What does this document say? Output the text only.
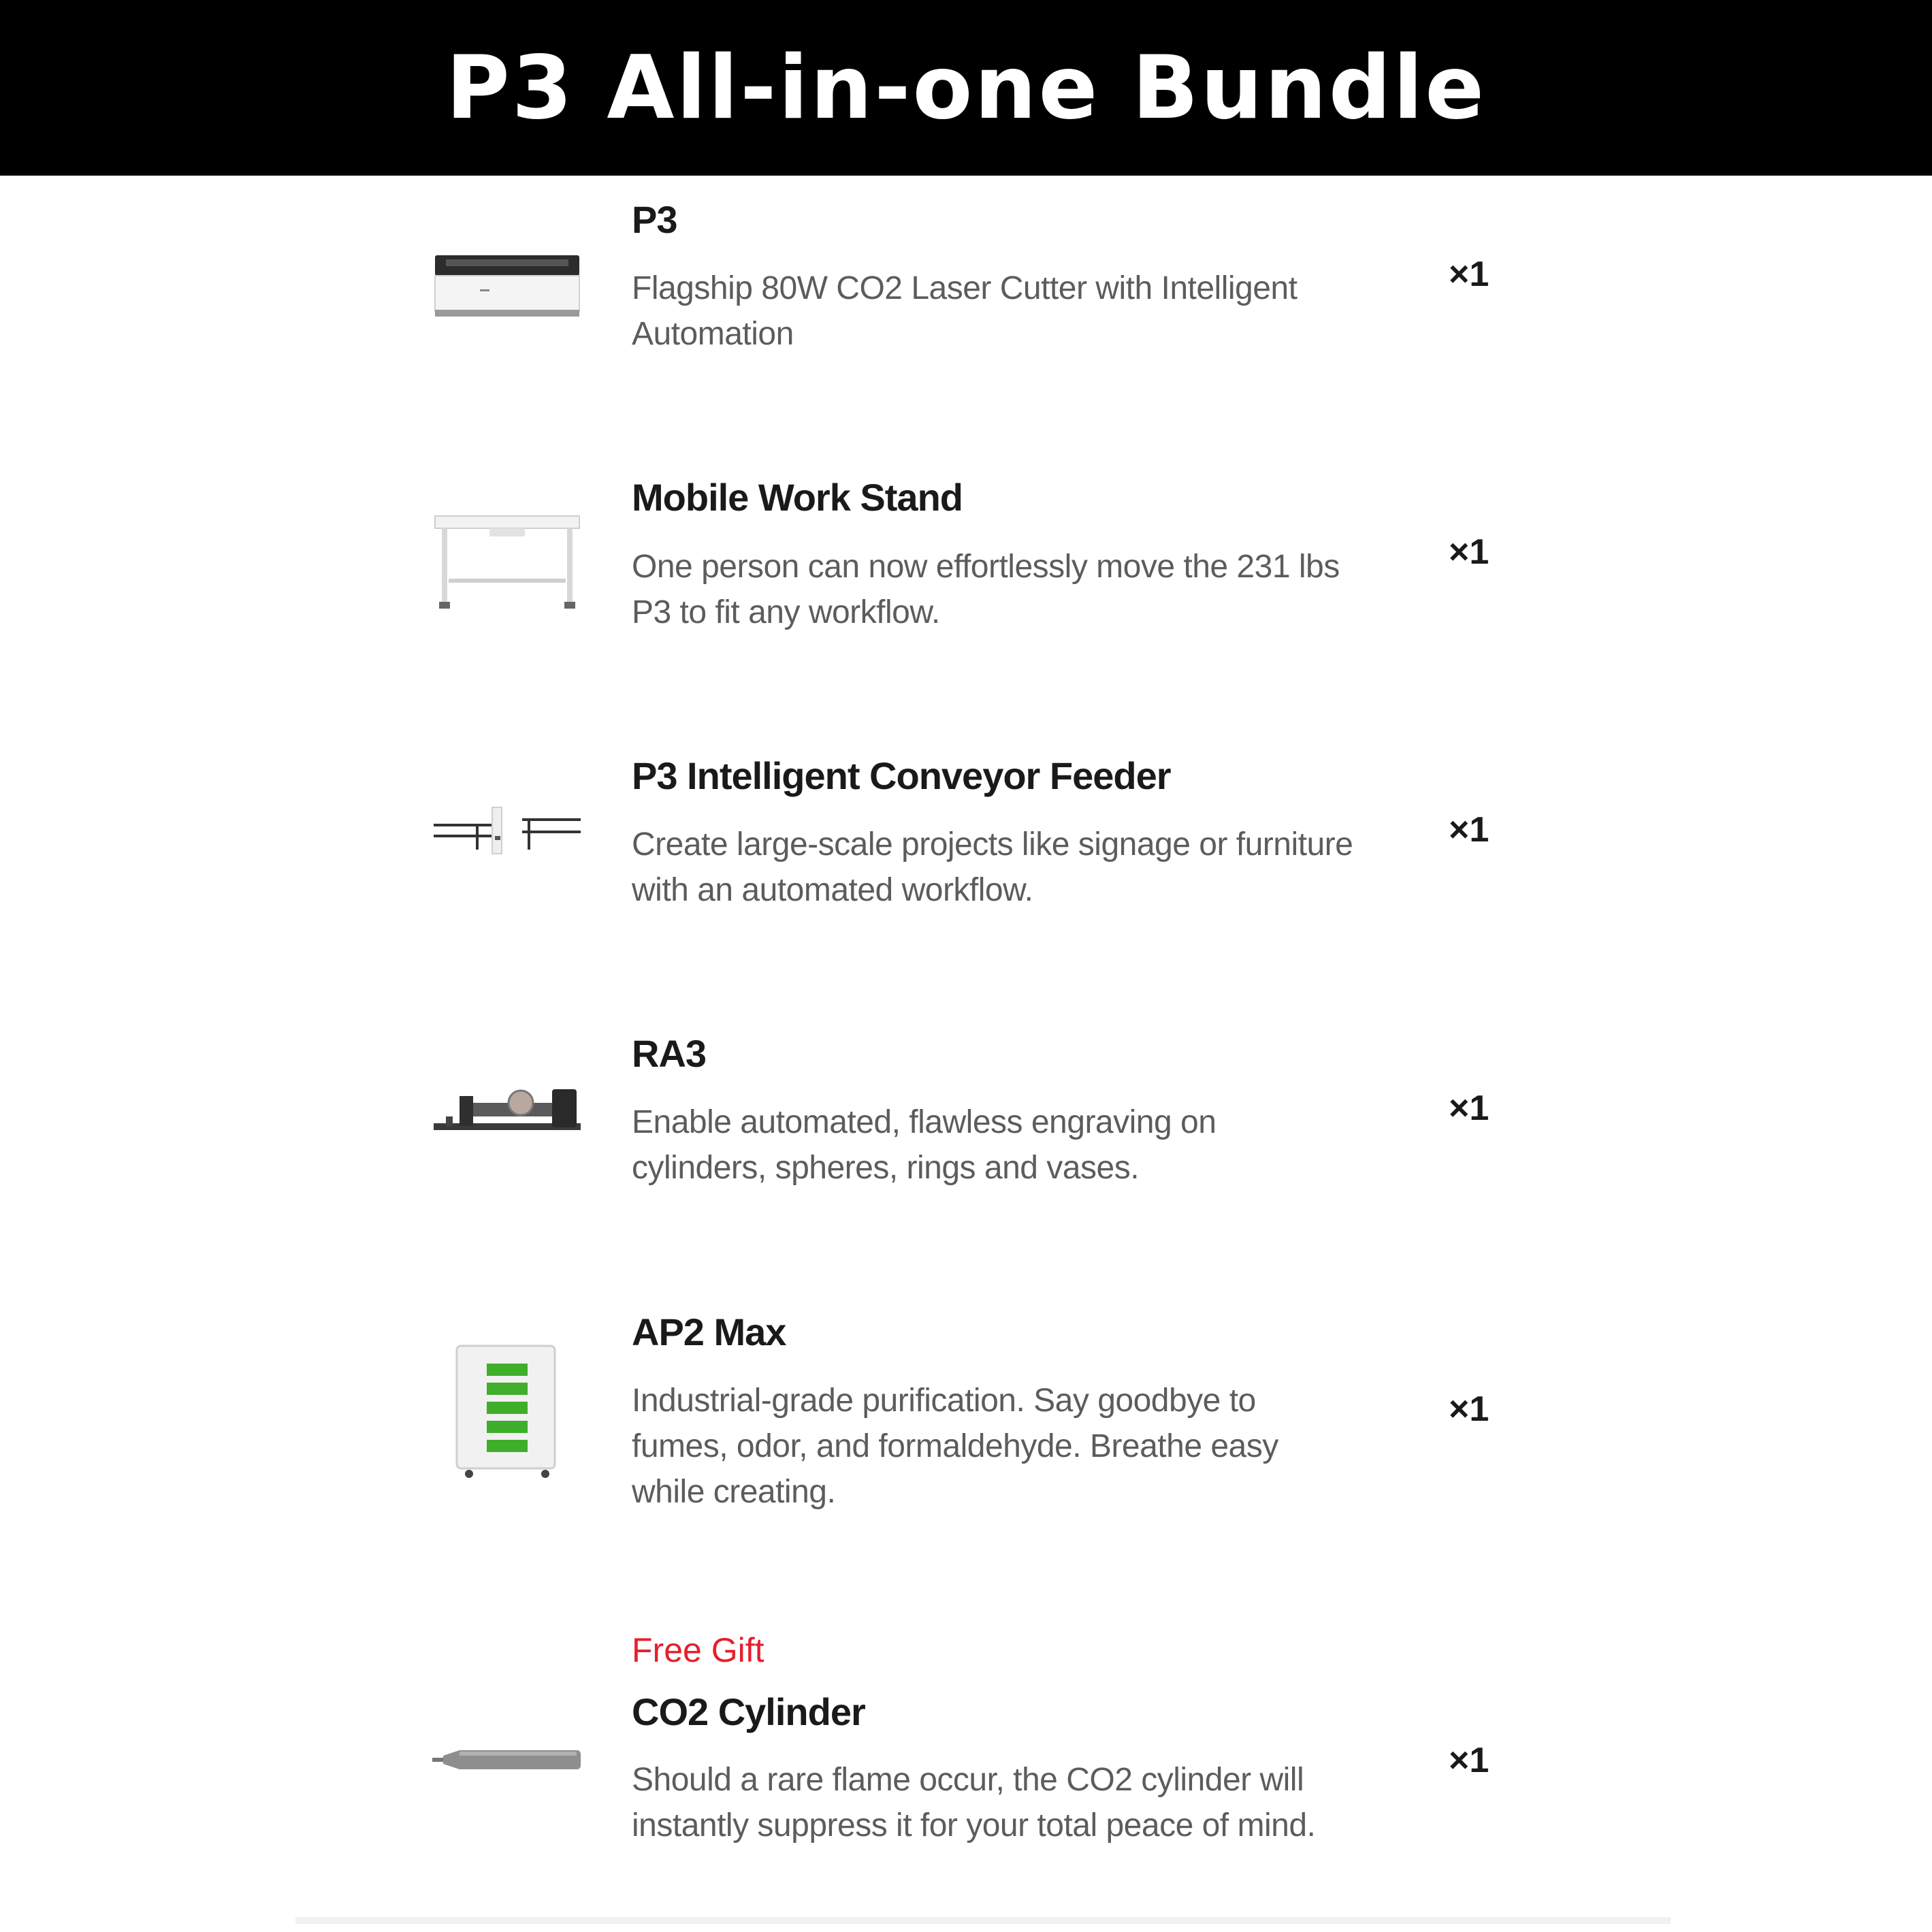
P3 All-in-one Bundle
P3
Flagship 80W CO2 Laser Cutter with Intelligent Automation
×1
Mobile Work Stand
One person can now effortlessly move the 231 lbs P3 to fit any workflow.
×1
P3 Intelligent Conveyor Feeder
Create large-scale projects like signage or furniture with an automated workflow.
×1
RA3
Enable automated, flawless engraving on cylinders, spheres, rings and vases.
×1
AP2 Max
Industrial-grade purification. Say goodbye to fumes, odor, and formaldehyde. Breathe easy while creating.
×1
Free Gift
CO2 Cylinder
Should a rare flame occur, the CO2 cylinder will instantly suppress it for your total peace of mind.
×1
